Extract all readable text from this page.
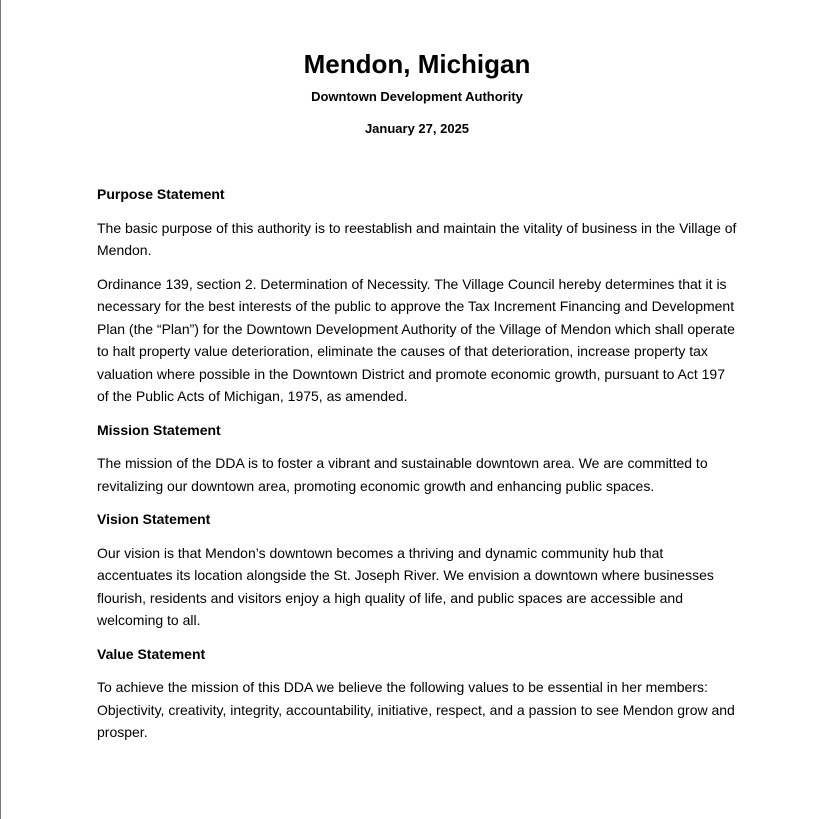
Mendon, Michigan
Downtown Development Authority
January 27, 2025
Purpose Statement

The basic purpose of this authority is to reestablish and maintain the vitality of business in the Village of Mendon.

Ordinance 139, section 2. Determination of Necessity. The Village Council hereby determines that it is necessary for the best interests of the public to approve the Tax Increment Financing and Development Plan (the “Plan”) for the Downtown Development Authority of the Village of Mendon which shall operate to halt property value deterioration, eliminate the causes of that deterioration, increase property tax valuation where possible in the Downtown District and promote economic growth, pursuant to Act 197 of the Public Acts of Michigan, 1975, as amended.

Mission Statement

The mission of the DDA is to foster a vibrant and sustainable downtown area. We are committed to revitalizing our downtown area, promoting economic growth and enhancing public spaces.

Vision Statement

Our vision is that Mendon’s downtown becomes a thriving and dynamic community hub that accentuates its location alongside the St. Joseph River. We envision a downtown where businesses flourish, residents and visitors enjoy a high quality of life, and public spaces are accessible and welcoming to all.

Value Statement

To achieve the mission of this DDA we believe the following values to be essential in her members: Objectivity, creativity, integrity, accountability, initiative, respect, and a passion to see Mendon grow and prosper.
